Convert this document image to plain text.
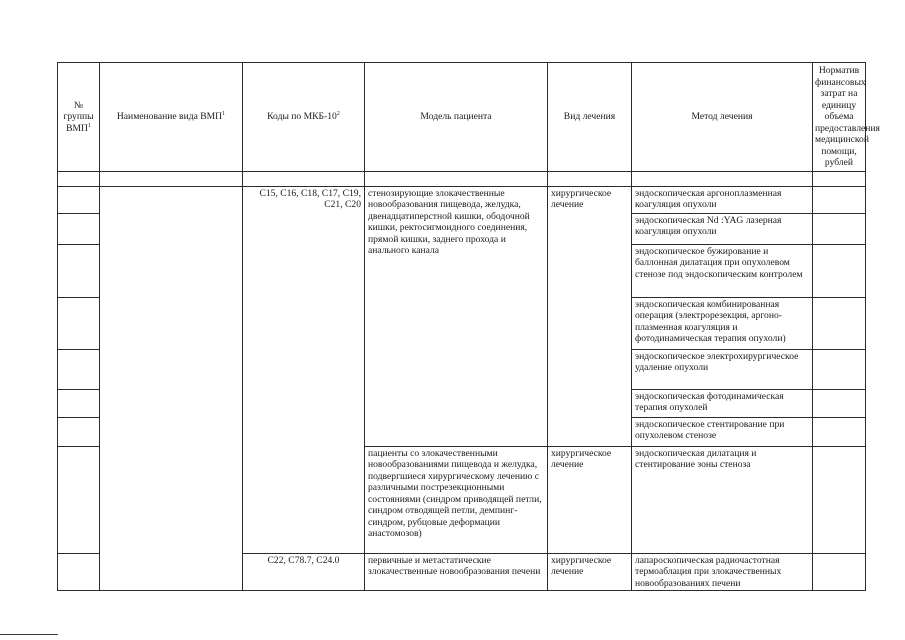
№ группы ВМП$^1$	Наименование вида ВМП$^1$	Коды по МКБ-$10^2$	Модель пациента	Вид лечения	Метод лечения	Норматив финансовых затрат на единицу объема предоставления медицинской помощи, рублей

		C15, C16, C18, C17, C19, C21, C20	стенозирующие злокачественные новообразования пищевода, желудка, двенадцатиперстной кишки, ободочной кишки, ректосигмоидного соединения, прямой кишки, заднего прохода и анального канала	хирургическое лечение	эндоскопическая аргоноплазменная коагуляция опухоли	
					эндоскопическая Nd :YAG лазерная коагуляция опухоли	
					эндоскопическое бужирование и баллонная дилатация при опухолевом стенозе под эндоскопическим контролем	
					эндоскопическая комбинированная операция (электрорезекция, аргоно-плазменная коагуляция и фотодинамическая терапия опухоли)	
					эндоскопическое электрохирургическое удаление опухоли	
					эндоскопическая фотодинамическая терапия опухолей	
					эндоскопическое стентирование при опухолевом стенозе	
			пациенты со злокачественными новообразованиями пищевода и желудка, подвергшиеся хирургическому лечению с различными пострезекционными состояниями (синдром приводящей петли, синдром отводящей петли, демпинг-синдром, рубцовые деформации анастомозов)	хирургическое лечение	эндоскопическая дилатация и стентирование зоны стеноза	
		C22, C78.7, C24.0	первичные и метастатические злокачественные новообразования печени	хирургическое лечение	лапароскопическая радиочастотная термоаблация при злокачественных новообразованиях печени	
